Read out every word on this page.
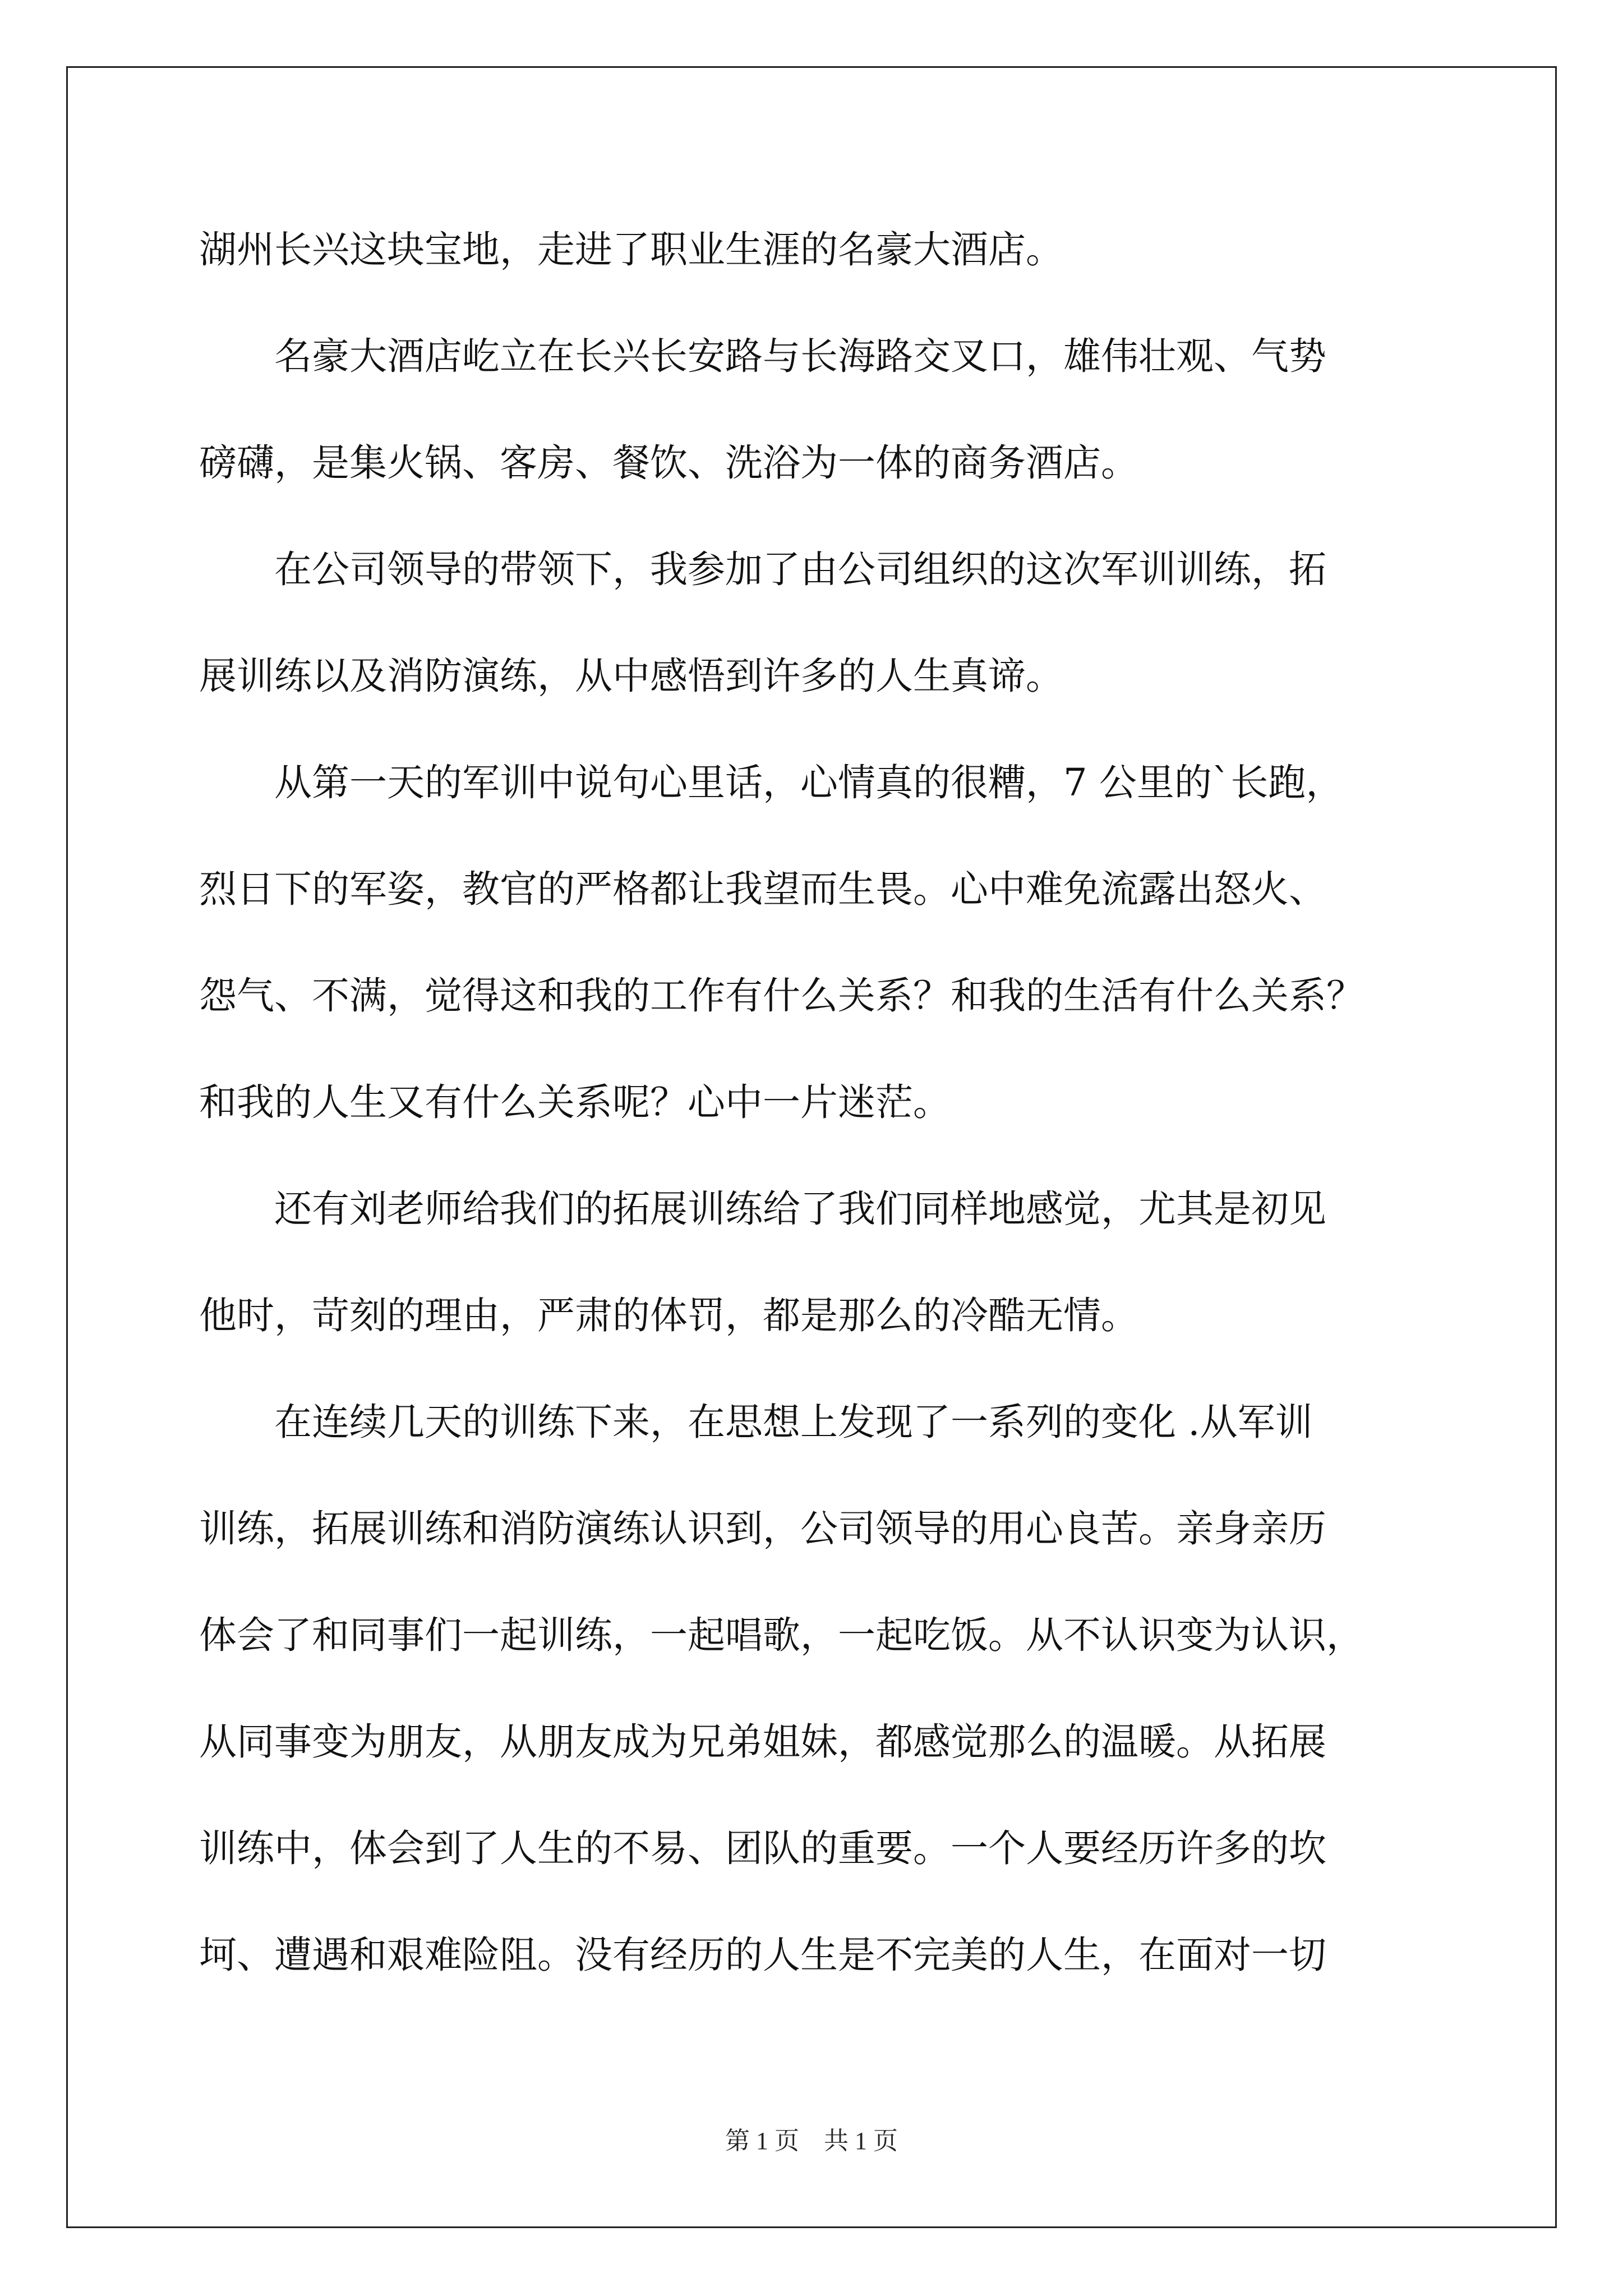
湖州长兴这块宝地，走进了职业生涯的名豪大酒店。
　　名豪大酒店屹立在长兴长安路与长海路交叉口，雄伟壮观、气势
磅礴，是集火锅、客房、餐饮、洗浴为一体的商务酒店。
　　在公司领导的带领下，我参加了由公司组织的这次军训训练，拓
展训练以及消防演练，从中感悟到许多的人生真谛。
　　从第一天的军训中说句心里话，心情真的很糟，7 公里的`长跑，
烈日下的军姿，教官的严格都让我望而生畏。心中难免流露出怒火、
怨气、不满，觉得这和我的工作有什么关系？和我的生活有什么关系？
和我的人生又有什么关系呢？心中一片迷茫。
　　还有刘老师给我们的拓展训练给了我们同样地感觉，尤其是初见
他时，苛刻的理由，严肃的体罚，都是那么的冷酷无情。
　　在连续几天的训练下来，在思想上发现了一系列的变化 .从军训
训练，拓展训练和消防演练认识到，公司领导的用心良苦。亲身亲历
体会了和同事们一起训练，一起唱歌，一起吃饭。从不认识变为认识，
从同事变为朋友，从朋友成为兄弟姐妹，都感觉那么的温暖。从拓展
训练中，体会到了人生的不易、团队的重要。一个人要经历许多的坎
坷、遭遇和艰难险阻。没有经历的人生是不完美的人生，在面对一切
第 1 页　共 1 页
